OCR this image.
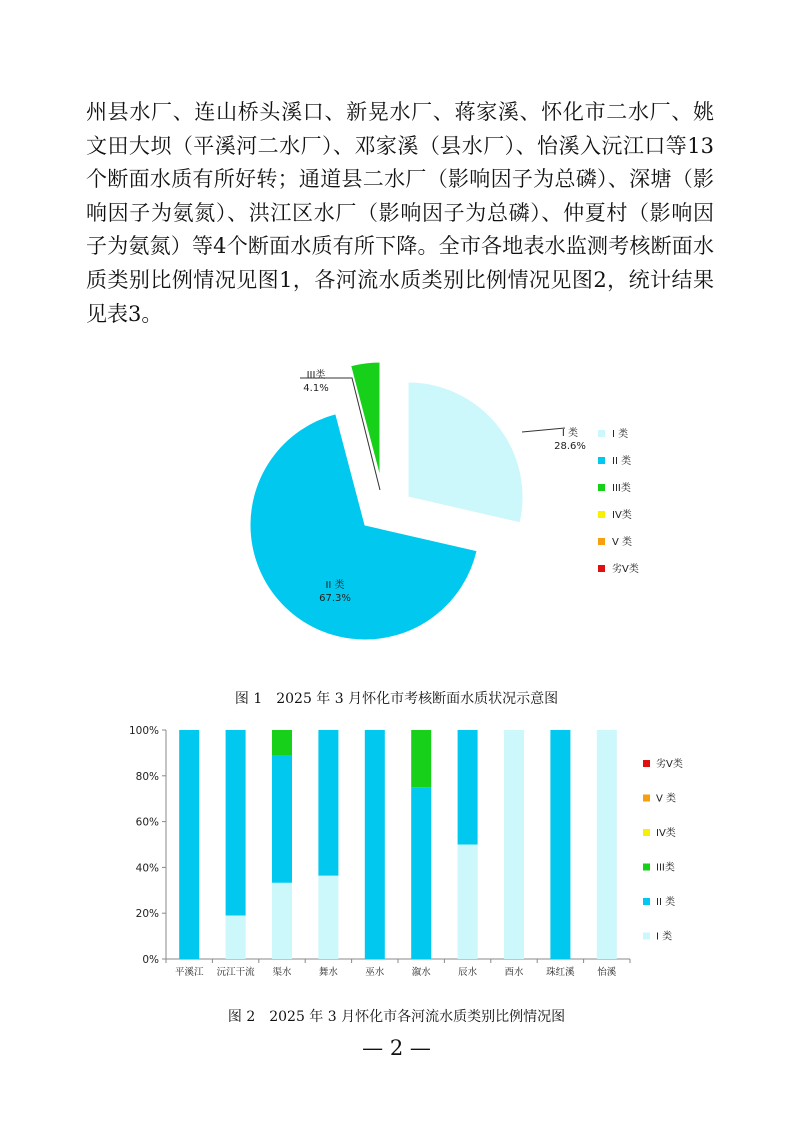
州县水厂、连山桥头溪口、新晃水厂、蒋家溪、怀化市二水厂、姚文田大坝（平溪河二水厂）、邓家溪（县水厂）、怡溪入沅江口等13个断面水质有所好转；通道县二水厂（影响因子为总磷）、深塘（影响因子为氨氮）、洪江区水厂（影响因子为总磷）、仲夏村（影响因子为氨氮）等4个断面水质有所下降。全市各地表水监测考核断面水质类别比例情况见图1，各河流水质类别比例情况见图2，统计结果见表3。

I 类
28.6%
II 类
67.3%
III类
4.1%
I 类
II 类
III类
IV类
V 类
劣V类

图 1　2025 年 3 月怀化市考核断面水质状况示意图

0%
20%
40%
60%
80%
100%
平溪江 沅江干流 渠水	舞水	巫水	溆水	辰水	酉水 珠红溪 怡溪
劣V类
V 类
IV类
III类
II 类
I 类

图 2　2025 年 3 月怀化市各河流水质类别比例情况图

— 2 —
